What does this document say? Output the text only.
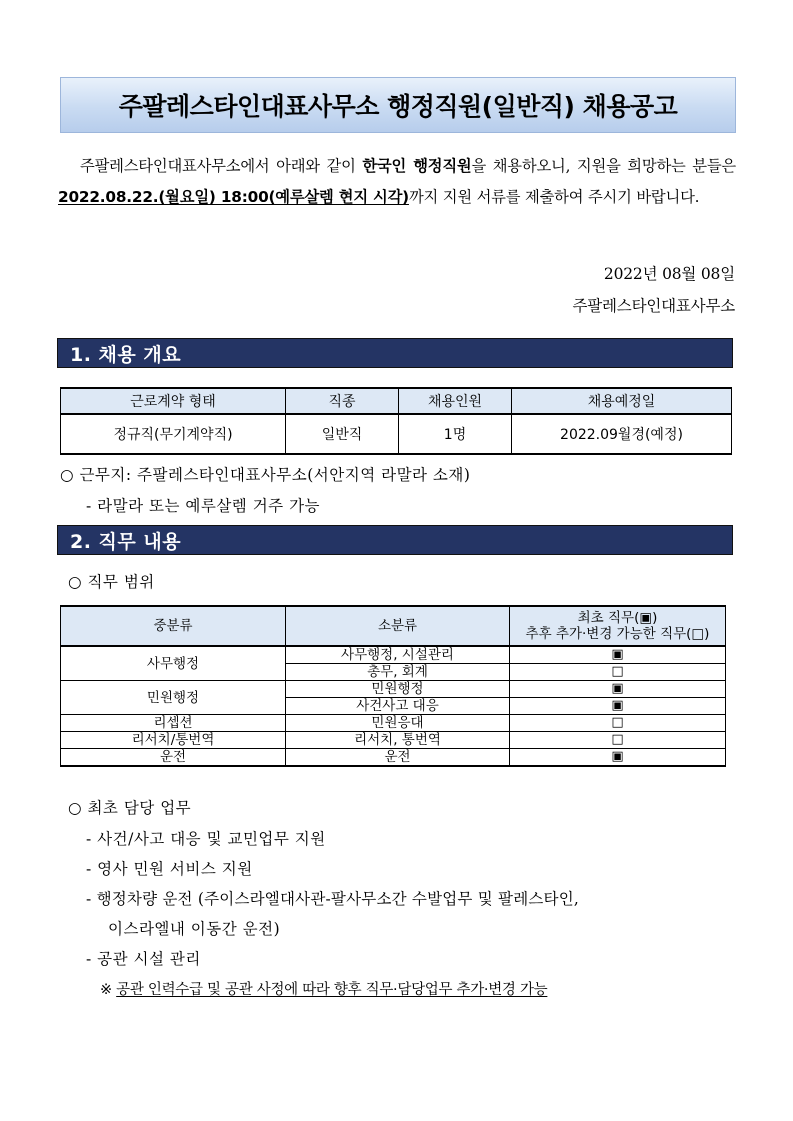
주팔레스타인대표사무소 행정직원(일반직) 채용공고
주팔레스타인대표사무소에서 아래와 같이 한국인 행정직원을 채용하오니, 지원을 희망하는 분들은 2022.08.22.(월요일) 18:00(예루살렘 현지 시각)까지 지원 서류를 제출하여 주시기 바랍니다.
2022년 08월 08일
주팔레스타인대표사무소
1. 채용 개요
근로계약 형태	직종	채용인원	채용예정일
정규직(무기계약직)	일반직	1명	2022.09월경(예정)
○ 근무지: 주팔레스타인대표사무소(서안지역 라말라 소재)
- 라말라 또는 예루살렘 거주 가능
2. 직무 내용
○ 직무 범위
중분류	소분류	최초 직무(▣)
추후 추가·변경 가능한 직무(□)
사무행정	사무행정, 시설관리	▣
	총무, 회계	□
민원행정	민원행정	▣
	사건사고 대응	▣
리셉션	민원응대	□
리서치/통번역	리서치, 통번역	□
운전	운전	▣
○ 최초 담당 업무
- 사건/사고 대응 및 교민업무 지원
- 영사 민원 서비스 지원
- 행정차량 운전 (주이스라엘대사관-팔사무소간 수발업무 및 팔레스타인,
이스라엘내 이동간 운전)
- 공관 시설 관리
※ 공관 인력수급 및 공관 사정에 따라 향후 직무·담당업무 추가·변경 가능
